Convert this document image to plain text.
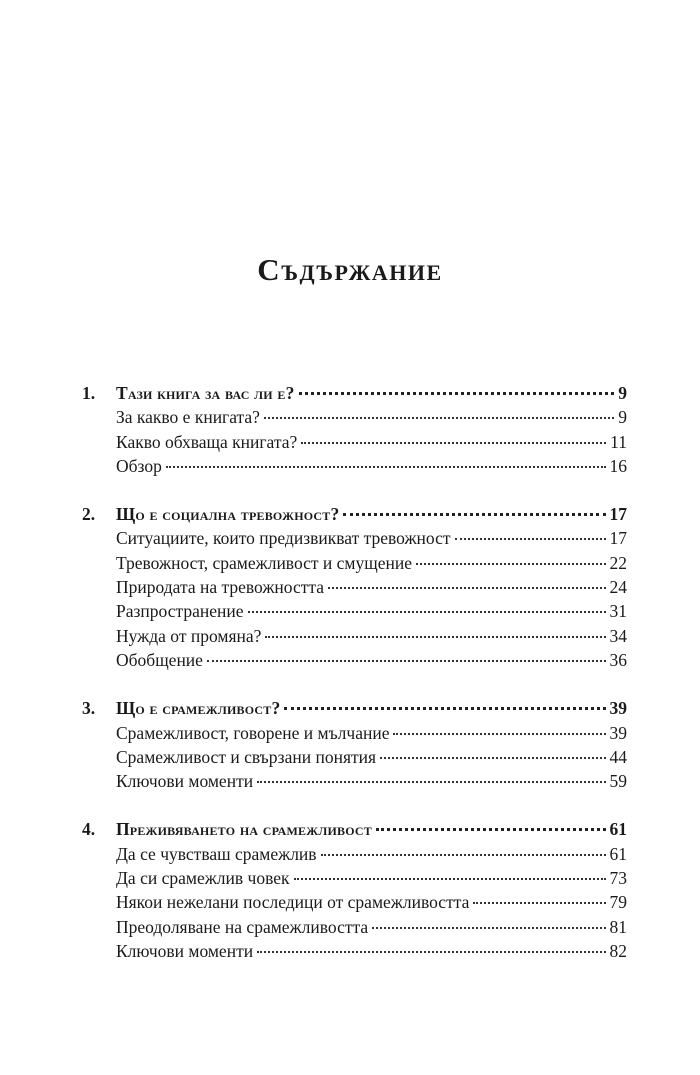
Съдържание
1.	Тази книга за вас ли е?	9
За какво е книгата?	9
Какво обхваща книгата?	11
Обзор	16
2.	Що е социална тревожност?	17
Ситуациите, които предизвикват тревожност	17
Тревожност, срамежливост и смущение	22
Природата на тревожността	24
Разпространение	31
Нужда от промяна?	34
Обобщение	36
3.	Що е срамежливост?	39
Срамежливост, говорене и мълчание	39
Срамежливост и свързани понятия	44
Ключови моменти	59
4.	Преживяването на срамежливост	61
Да се чувстваш срамежлив	61
Да си срамежлив човек	73
Някои нежелани последици от срамежливостта	79
Преодоляване на срамежливостта	81
Ключови моменти	82
